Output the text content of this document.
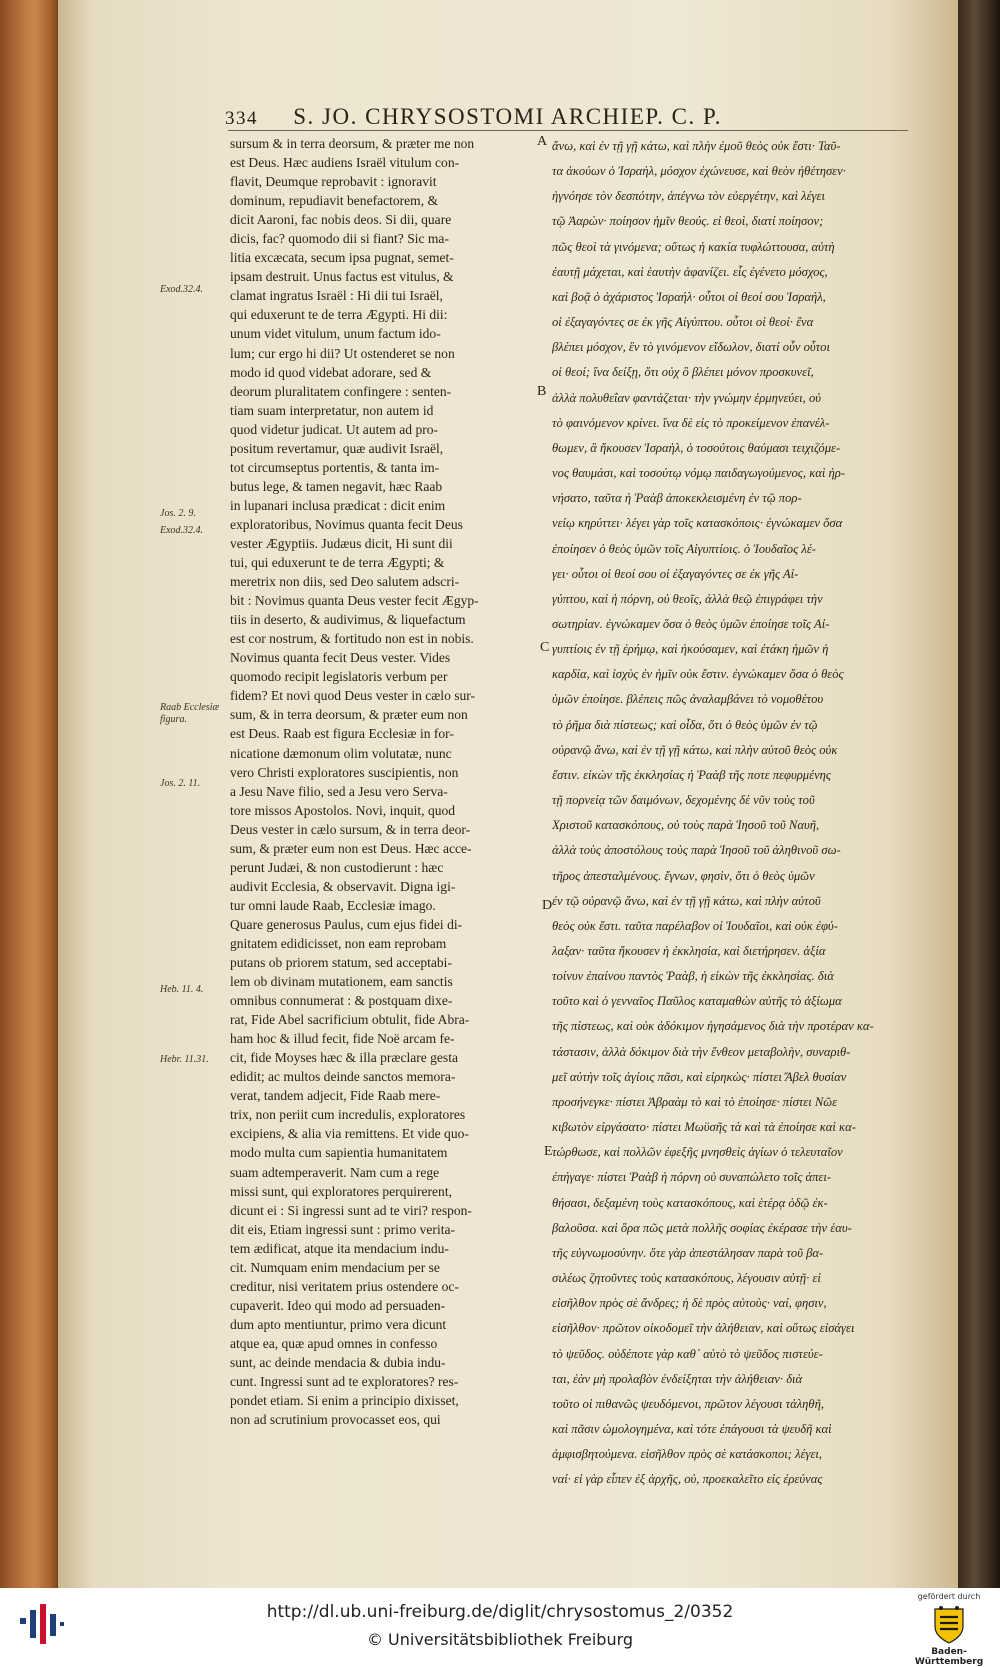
334 S. JO. CHRYSOSTOMI ARCHIEP. C. P.

sursum & in terra deorsum, & præter me non

est Deus. Hæc audiens Israël vitulum con-

flavit, Deumque reprobavit : ignoravit

dominum, repudiavit benefactorem, &

dicit Aaroni, fac nobis deos. Si dii, quare

dicis, fac? quomodo dii si fiant? Sic ma-

litia excæcata, secum ipsa pugnat, semet-

ipsam destruit. Unus factus est vitulus, &

clamat ingratus Israël : Hi dii tui Israël,

qui eduxerunt te de terra Ægypti. Hi dii:

unum videt vitulum, unum factum ido-

lum; cur ergo hi dii? Ut ostenderet se non

modo id quod videbat adorare, sed &

deorum pluralitatem confingere : senten-

tiam suam interpretatur, non autem id

quod videtur judicat. Ut autem ad pro-

positum revertamur, quæ audivit Israël,

tot circumseptus portentis, & tanta im-

butus lege, & tamen negavit, hæc Raab

in lupanari inclusa prædicat : dicit enim

exploratoribus, Novimus quanta fecit Deus

vester Ægyptiis. Judæus dicit, Hi sunt dii

tui, qui eduxerunt te de terra Ægypti; &

meretrix non diis, sed Deo salutem adscri-

bit : Novimus quanta Deus vester fecit Ægyp-

tiis in deserto, & audivimus, & liquefactum

est cor nostrum, & fortitudo non est in nobis.

Novimus quanta fecit Deus vester. Vides

quomodo recipit legislatoris verbum per

fidem? Et novi quod Deus vester in cælo sur-

sum, & in terra deorsum, & præter eum non

est Deus. Raab est figura Ecclesiæ in for-

nicatione dæmonum olim volutatæ, nunc

vero Christi exploratores suscipientis, non

a Jesu Nave filio, sed a Jesu vero Serva-

tore missos Apostolos. Novi, inquit, quod

Deus vester in cælo sursum, & in terra deor-

sum, & præter eum non est Deus. Hæc acce-

perunt Judæi, & non custodierunt : hæc

audivit Ecclesia, & observavit. Digna igi-

tur omni laude Raab, Ecclesiæ imago.

Quare generosus Paulus, cum ejus fidei di-

gnitatem edidicisset, non eam reprobam

putans ob priorem statum, sed acceptabi-

lem ob divinam mutationem, eam sanctis

omnibus connumerat : & postquam dixe-

rat, Fide Abel sacrificium obtulit, fide Abra-

ham hoc & illud fecit, fide Noë arcam fe-

cit, fide Moyses hæc & illa præclare gesta

edidit; ac multos deinde sanctos memora-

verat, tandem adjecit, Fide Raab mere-

trix, non periit cum incredulis, exploratores

excipiens, & alia via remittens. Et vide quo-

modo multa cum sapientia humanitatem

suam adtemperaverit. Nam cum a rege

missi sunt, qui exploratores perquirerent,

dicunt ei : Si ingressi sunt ad te viri? respon-

dit eis, Etiam ingressi sunt : primo verita-

tem ædificat, atque ita mendacium indu-

cit. Numquam enim mendacium per se

creditur, nisi veritatem prius ostendere oc-

cupaverit. Ideo qui modo ad persuaden-

dum apto mentiuntur, primo vera dicunt

atque ea, quæ apud omnes in confesso

sunt, ac deinde mendacia & dubia indu-

cunt. Ingressi sunt ad te exploratores? res-

pondet etiam. Si enim a principio dixisset,

non ad scrutinium provocasset eos, qui

ἄνω, καὶ ἐν τῇ γῇ κάτω, καὶ πλὴν ἐμοῦ θεὸς οὐκ ἔστι· Ταῦ-

τα ἀκούων ὁ Ἰσραὴλ, μόσχον ἐχώνευσε, καὶ θεὸν ἠθέτησεν·

ἠγνόησε τὸν δεσπότην, ἀπέγνω τὸν εὐεργέτην, καὶ λέγει

τῷ Ἀαρὼν· ποίησον ἡμῖν θεούς. εἰ θεοὶ, διατί ποίησον;

πῶς θεοὶ τὰ γινόμενα; οὕτως ἡ κακία τυφλώττουσα, αὐτὴ

ἑαυτῇ μάχεται, καὶ ἑαυτὴν ἀφανίζει. εἷς ἐγένετο μόσχος,

καὶ βοᾷ ὁ ἀχάριστος Ἰσραήλ· οὗτοι οἱ θεοί σου Ἰσραήλ,

οἱ ἐξαγαγόντες σε ἐκ γῆς Αἰγύπτου. οὗτοι οἱ θεοί· ἕνα

βλέπει μόσχον, ἓν τὸ γινόμενον εἴδωλον, διατί οὖν οὗτοι

οἱ θεοί; ἵνα δείξῃ, ὅτι οὐχ ὃ βλέπει μόνον προσκυνεῖ,

ἀλλὰ πολυθεΐαν φαντάζεται· τὴν γνώμην ἑρμηνεύει, οὐ

τὸ φαινόμενον κρίνει. ἵνα δὲ εἰς τὸ προκείμενον ἐπανέλ-

θωμεν, ἃ ἤκουσεν Ἰσραὴλ, ὁ τοσούτοις θαύμασι τειχιζόμε-

νος θαυμάσι, καὶ τοσούτῳ νόμῳ παιδαγωγούμενος, καὶ ἠρ-

νήσατο, ταῦτα ἡ Ῥαὰβ ἀποκεκλεισμένη ἐν τῷ πορ-

νείῳ κηρύττει· λέγει γὰρ τοῖς κατασκόποις· ἐγνώκαμεν ὅσα

ἐποίησεν ὁ θεὸς ὑμῶν τοῖς Αἰγυπτίοις. ὁ Ἰουδαῖος λέ-

γει· οὗτοι οἱ θεοί σου οἱ ἐξαγαγόντες σε ἐκ γῆς Αἰ-

γύπτου, καὶ ἡ πόρνη, οὐ θεοῖς, ἀλλὰ θεῷ ἐπιγράφει τὴν

σωτηρίαν. ἐγνώκαμεν ὅσα ὁ θεὸς ὑμῶν ἐποίησε τοῖς Αἰ-

γυπτίοις ἐν τῇ ἐρήμῳ, καὶ ἠκούσαμεν, καὶ ἐτάκη ἡμῶν ἡ

καρδία, καὶ ἰσχὺς ἐν ἡμῖν οὐκ ἔστιν. ἐγνώκαμεν ὅσα ὁ θεὸς

ὑμῶν ἐποίησε. βλέπεις πῶς ἀναλαμβάνει τὸ νομοθέτου

τὸ ῥῆμα διὰ πίστεως; καὶ οἶδα, ὅτι ὁ θεὸς ὑμῶν ἐν τῷ

οὐρανῷ ἄνω, καὶ ἐν τῇ γῇ κάτω, καὶ πλὴν αὐτοῦ θεὸς οὐκ

ἔστιν. εἰκὼν τῆς ἐκκλησίας ἡ Ῥαὰβ τῆς ποτε πεφυρμένης

τῇ πορνείᾳ τῶν δαιμόνων, δεχομένης δὲ νῦν τοὺς τοῦ

Χριστοῦ κατασκόπους, οὐ τοὺς παρὰ Ἰησοῦ τοῦ Ναυῆ,

ἀλλὰ τοὺς ἀποστόλους τοὺς παρὰ Ἰησοῦ τοῦ ἀληθινοῦ σω-

τῆρος ἀπεσταλμένους. ἔγνων, φησὶν, ὅτι ὁ θεὸς ὑμῶν

ἐν τῷ οὐρανῷ ἄνω, καὶ ἐν τῇ γῇ κάτω, καὶ πλὴν αὐτοῦ

θεὸς οὐκ ἔστι. ταῦτα παρέλαβον οἱ Ἰουδαῖοι, καὶ οὐκ ἐφύ-

λαξαν· ταῦτα ἤκουσεν ἡ ἐκκλησία, καὶ διετήρησεν. ἀξία

τοίνυν ἐπαίνου παντὸς Ῥαὰβ, ἡ εἰκὼν τῆς ἐκκλησίας. διὰ

τοῦτο καὶ ὁ γενναῖος Παῦλος καταμαθὼν αὐτῆς τὸ ἀξίωμα

τῆς πίστεως, καὶ οὐκ ἀδόκιμον ἡγησάμενος διὰ τὴν προτέραν κα-

τάστασιν, ἀλλὰ δόκιμον διὰ τὴν ἔνθεον μεταβολὴν, συναριθ-

μεῖ αὐτὴν τοῖς ἁγίοις πᾶσι, καὶ εἰρηκὼς· πίστει Ἄβελ θυσίαν

προσήνεγκε· πίστει Ἀβραὰμ τὸ καὶ τὸ ἐποίησε· πίστει Νῶε

κιβωτὸν εἰργάσατο· πίστει Μωϋσῆς τὰ καὶ τὰ ἐποίησε καὶ κα-

τώρθωσε, καὶ πολλῶν ἐφεξῆς μνησθεὶς ἁγίων ὁ τελευταῖον

ἐπήγαγε· πίστει Ῥαὰβ ἡ πόρνη οὐ συναπώλετο τοῖς ἀπει-

θήσασι, δεξαμένη τοὺς κατασκόπους, καὶ ἑτέρᾳ ὁδῷ ἐκ-

βαλοῦσα. καὶ ὅρα πῶς μετὰ πολλῆς σοφίας ἐκέρασε τὴν ἑαυ-

τῆς εὐγνωμοσύνην. ὅτε γὰρ ἀπεστάλησαν παρὰ τοῦ βα-

σιλέως ζητοῦντες τοὺς κατασκόπους, λέγουσιν αὐτῇ· εἰ

εἰσῆλθον πρὸς σὲ ἄνδρες; ἡ δὲ πρὸς αὐτοὺς· ναί, φησιν,

εἰσῆλθον· πρῶτον οἰκοδομεῖ τὴν ἀλήθειαν, καὶ οὕτως εἰσάγει

τὸ ψεῦδος. οὐδέποτε γὰρ καθ᾽ αὑτὸ τὸ ψεῦδος πιστεύε-

ται, ἐὰν μὴ προλαβὸν ἐνδείξηται τὴν ἀλήθειαν· διὰ

τοῦτο οἱ πιθανῶς ψευδόμενοι, πρῶτον λέγουσι τἀληθῆ,

καὶ πᾶσιν ὡμολογημένα, καὶ τότε ἐπάγουσι τὰ ψευδῆ καὶ

ἀμφισβητούμενα. εἰσῆλθον πρὸς σὲ κατάσκοποι; λέγει,

ναί· εἰ γὰρ εἶπεν ἐξ ἀρχῆς, οὐ, προεκαλεῖτο εἰς ἐρεύνας

A
B
C
D
E
Exod.32.4.
Jos. 2. 9.
Exod.32.4.
Raab Ecclesiæ figura.
Jos. 2. 11.
Heb. 11. 4.
Hebr. 11.31.
http://dl.ub.uni-freiburg.de/diglit/chrysostomus_2/0352
© Universitätsbibliothek Freiburg
gefördert durch
Baden-Württemberg
